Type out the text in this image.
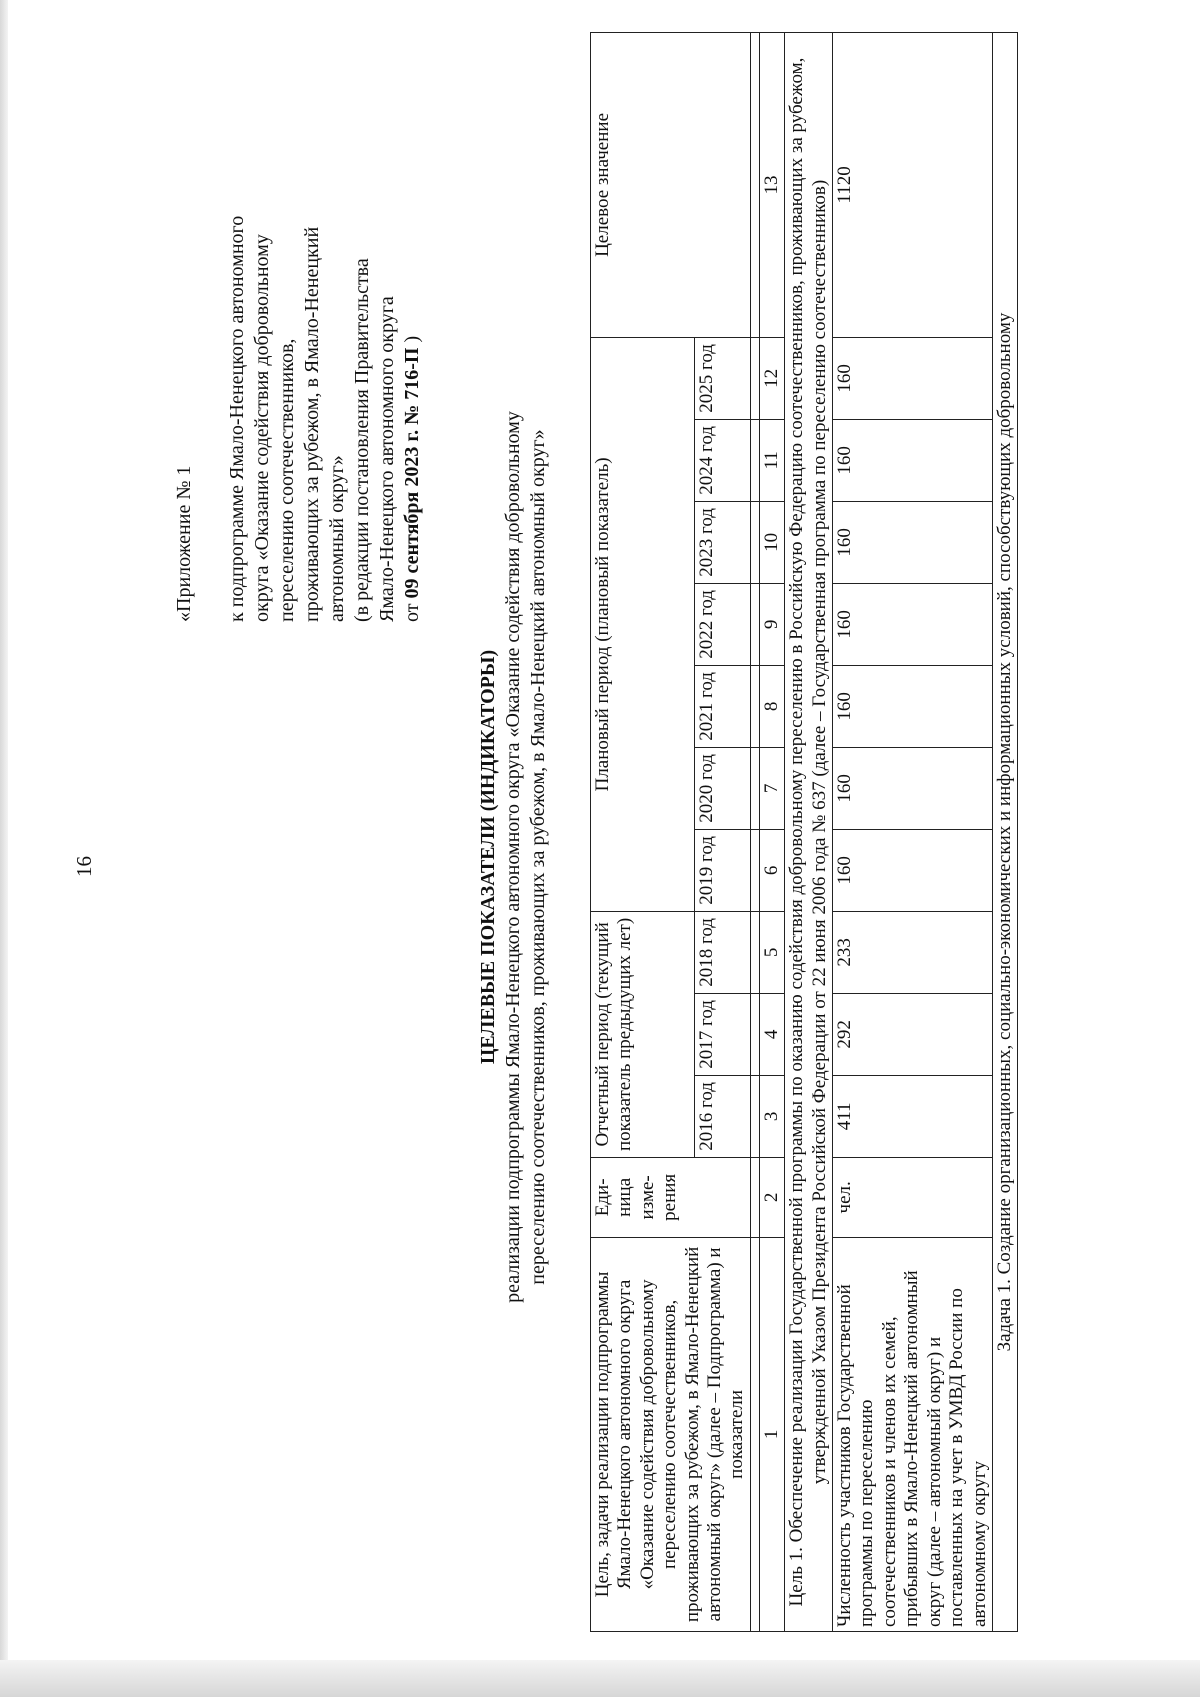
16

«Приложение № 1 к подпрограмме Ямало-Ненецкого автономного округа «Оказание содействия добровольному переселению соотечественников, проживающих за рубежом, в Ямало-Ненецкий автономный округ» (в редакции постановления Правительства Ямало-Ненецкого автономного округа от 09 сентября 2023 г. № 716-П )

ЦЕЛЕВЫЕ ПОКАЗАТЕЛИ (ИНДИКАТОРЫ) реализации подпрограммы Ямало-Ненецкого автономного округа «Оказание содействия добровольному переселению соотечественников, проживающих за рубежом, в Ямало-Ненецкий автономный округ»
Цель, задачи реализации подпрограммы Ямало-Ненецкого автономного округа «Оказание содействия добровольному переселению соотечественников, проживающих за рубежом, в Ямало-Ненецкий автономный округ» (далее – Подпрограмма) и показатели	Еди-ница изме-рения	Отчетный период (текущий показатель предыдущих лет)			Плановый период (плановый показатель)							Целевое значение
		2016 год	2017 год	2018 год	2019 год	2020 год	2021 год	2022 год	2023 год	2024 год	2025 год	

1	2	3	4	5	6	7	8	9	10	11	12	13
Цель 1. Обеспечение реализации Государственной программы по оказанию содействия добровольному переселению в Российскую Федерацию соотечественников, проживающих за рубежом, утвержденной Указом Президента Российской Федерации от 22 июня 2006 года № 637 (далее – Государственная программа по переселению соотечественников)												
Численность участников Государственной программы по переселению соотечественников и членов их семей, прибывших в Ямало-Ненецкий автономный округ (далее – автономный округ) и поставленных на учет в УМВД России по автономному округу	чел.	411	292	233	160	160	160	160	160	160	160	1120
Задача 1. Создание организационных, социально-экономических и информационных условий, способствующих добровольному												
